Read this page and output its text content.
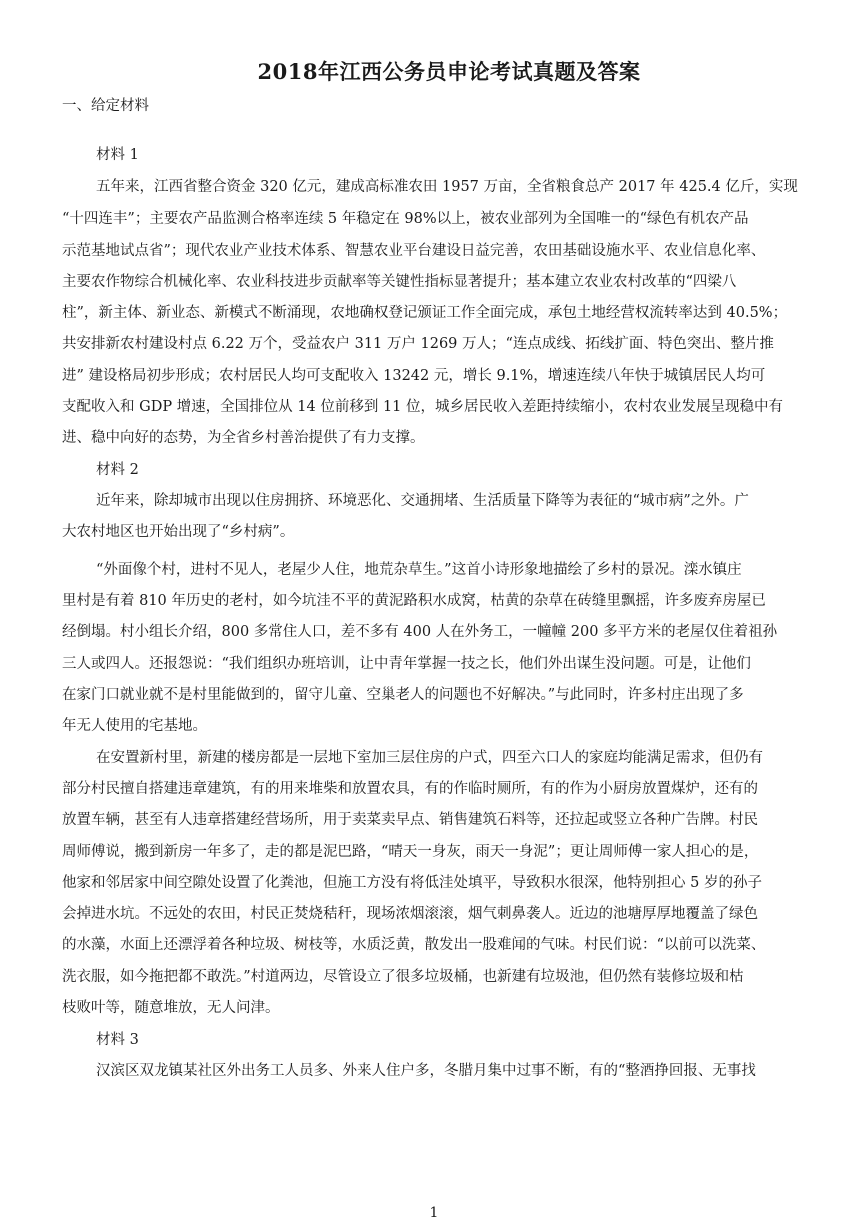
2018年江西公务员申论考试真题及答案
一、给定材料
材料 1
五年来，江西省整合资金 320 亿元，建成高标准农田 1957 万亩，全省粮食总产 2017 年 425.4 亿斤，实现
“十四连丰”；主要农产品监测合格率连续 5 年稳定在 98%以上，被农业部列为全国唯一的“绿色有机农产品
示范基地试点省”；现代农业产业技术体系、智慧农业平台建设日益完善，农田基础设施水平、农业信息化率、
主要农作物综合机械化率、农业科技进步贡献率等关键性指标显著提升；基本建立农业农村改革的“四梁八
柱”，新主体、新业态、新模式不断涌现，农地确权登记颁证工作全面完成，承包土地经营权流转率达到 40.5%；
共安排新农村建设村点 6.22 万个，受益农户 311 万户 1269 万人；“连点成线、拓线扩面、特色突出、整片推
进” 建设格局初步形成；农村居民人均可支配收入 13242 元，增长 9.1%，增速连续八年快于城镇居民人均可
支配收入和 GDP 增速，全国排位从 14 位前移到 11 位，城乡居民收入差距持续缩小，农村农业发展呈现稳中有
进、稳中向好的态势，为全省乡村善治提供了有力支撑。
材料 2
近年来，除却城市出现以住房拥挤、环境恶化、交通拥堵、生活质量下降等为表征的“城市病”之外。广
大农村地区也开始出现了“乡村病”。
“外面像个村，进村不见人，老屋少人住，地荒杂草生。”这首小诗形象地描绘了乡村的景况。滦水镇庄
里村是有着 810 年历史的老村，如今坑洼不平的黄泥路积水成窝，枯黄的杂草在砖缝里飘摇，许多废弃房屋已
经倒塌。村小组长介绍，800 多常住人口，差不多有 400 人在外务工，一幢幢 200 多平方米的老屋仅住着祖孙
三人或四人。还报怨说：“我们组织办班培训，让中青年掌握一技之长，他们外出谋生没问题。可是，让他们
在家门口就业就不是村里能做到的，留守儿童、空巢老人的问题也不好解决。”与此同时，许多村庄出现了多
年无人使用的宅基地。
在安置新村里，新建的楼房都是一层地下室加三层住房的户式，四至六口人的家庭均能满足需求，但仍有
部分村民擅自搭建违章建筑，有的用来堆柴和放置农具，有的作临时厕所，有的作为小厨房放置煤炉，还有的
放置车辆，甚至有人违章搭建经营场所，用于卖菜卖早点、销售建筑石料等，还拉起或竖立各种广告牌。村民
周师傅说，搬到新房一年多了，走的都是泥巴路，“晴天一身灰，雨天一身泥”；更让周师傅一家人担心的是，
他家和邻居家中间空隙处设置了化粪池，但施工方没有将低洼处填平，导致积水很深，他特别担心 5 岁的孙子
会掉进水坑。不远处的农田，村民正焚烧秸秆，现场浓烟滚滚，烟气刺鼻袭人。近边的池塘厚厚地覆盖了绿色
的水藻，水面上还漂浮着各种垃圾、树枝等，水质泛黄，散发出一股难闻的气味。村民们说：“以前可以洗菜、
洗衣服，如今拖把都不敢洗。”村道两边，尽管设立了很多垃圾桶，也新建有垃圾池，但仍然有装修垃圾和枯
枝败叶等，随意堆放，无人问津。
材料 3
汉滨区双龙镇某社区外出务工人员多、外来人住户多，冬腊月集中过事不断，有的“整酒挣回报、无事找
1
